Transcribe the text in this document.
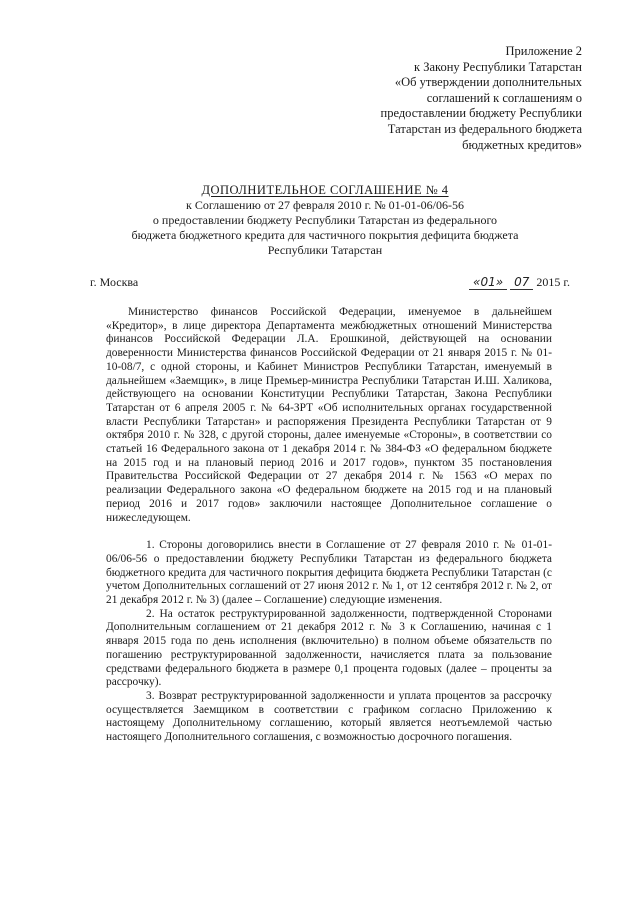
Приложение 2
к Закону Республики Татарстан
«Об утверждении дополнительных
соглашений к соглашениям о
предоставлении бюджету Республики
Татарстан из федерального бюджета
бюджетных кредитов»
ДОПОЛНИТЕЛЬНОЕ СОГЛАШЕНИЕ № 4
к Соглашению от 27 февраля 2010 г. № 01-01-06/06-56
о предоставлении бюджету Республики Татарстан из федерального
бюджета бюджетного кредита для частичного покрытия дефицита бюджета
Республики Татарстан
г. Москва	«01» 07 2015 г.

Министерство финансов Российской Федерации, именуемое в дальнейшем «Кредитор», в лице директора Департамента межбюджетных отношений Министерства финансов Российской Федерации Л.А. Ерошкиной, действующей на основании доверенности Министерства финансов Российской Федерации от 21 января 2015 г. № 01-10-08/7, с одной стороны, и Кабинет Министров Республики Татарстан, именуемый в дальнейшем «Заемщик», в лице Премьер-министра Республики Татарстан И.Ш. Халикова, действующего на основании Конституции Республики Татарстан, Закона Республики Татарстан от 6 апреля 2005 г. № 64-ЗРТ «Об исполнительных органах государственной власти Республики Татарстан» и распоряжения Президента Республики Татарстан от 9 октября 2010 г. № 328, с другой стороны, далее именуемые «Стороны», в соответствии со статьей 16 Федерального закона от 1 декабря 2014 г. № 384-ФЗ «О федеральном бюджете на 2015 год и на плановый период 2016 и 2017 годов», пунктом 35 постановления Правительства Российской Федерации от 27 декабря 2014 г. № 1563 «О мерах по реализации Федерального закона «О федеральном бюджете на 2015 год и на плановый период 2016 и 2017 годов» заключили настоящее Дополнительное соглашение о нижеследующем.

1. Стороны договорились внести в Соглашение от 27 февраля 2010 г. № 01-01-06/06-56 о предоставлении бюджету Республики Татарстан из федерального бюджета бюджетного кредита для частичного покрытия дефицита бюджета Республики Татарстан (с учетом Дополнительных соглашений от 27 июня 2012 г. № 1, от 12 сентября 2012 г. № 2, от 21 декабря 2012 г. № 3) (далее – Соглашение) следующие изменения.

2. На остаток реструктурированной задолженности, подтвержденной Сторонами Дополнительным соглашением от 21 декабря 2012 г. № 3 к Соглашению, начиная с 1 января 2015 года по день исполнения (включительно) в полном объеме обязательств по погашению реструктурированной задолженности, начисляется плата за пользование средствами федерального бюджета в размере 0,1 процента годовых (далее – проценты за рассрочку).

3. Возврат реструктурированной задолженности и уплата процентов за рассрочку осуществляется Заемщиком в соответствии с графиком согласно Приложению к настоящему Дополнительному соглашению, который является неотъемлемой частью настоящего Дополнительного соглашения, с возможностью досрочного погашения.
